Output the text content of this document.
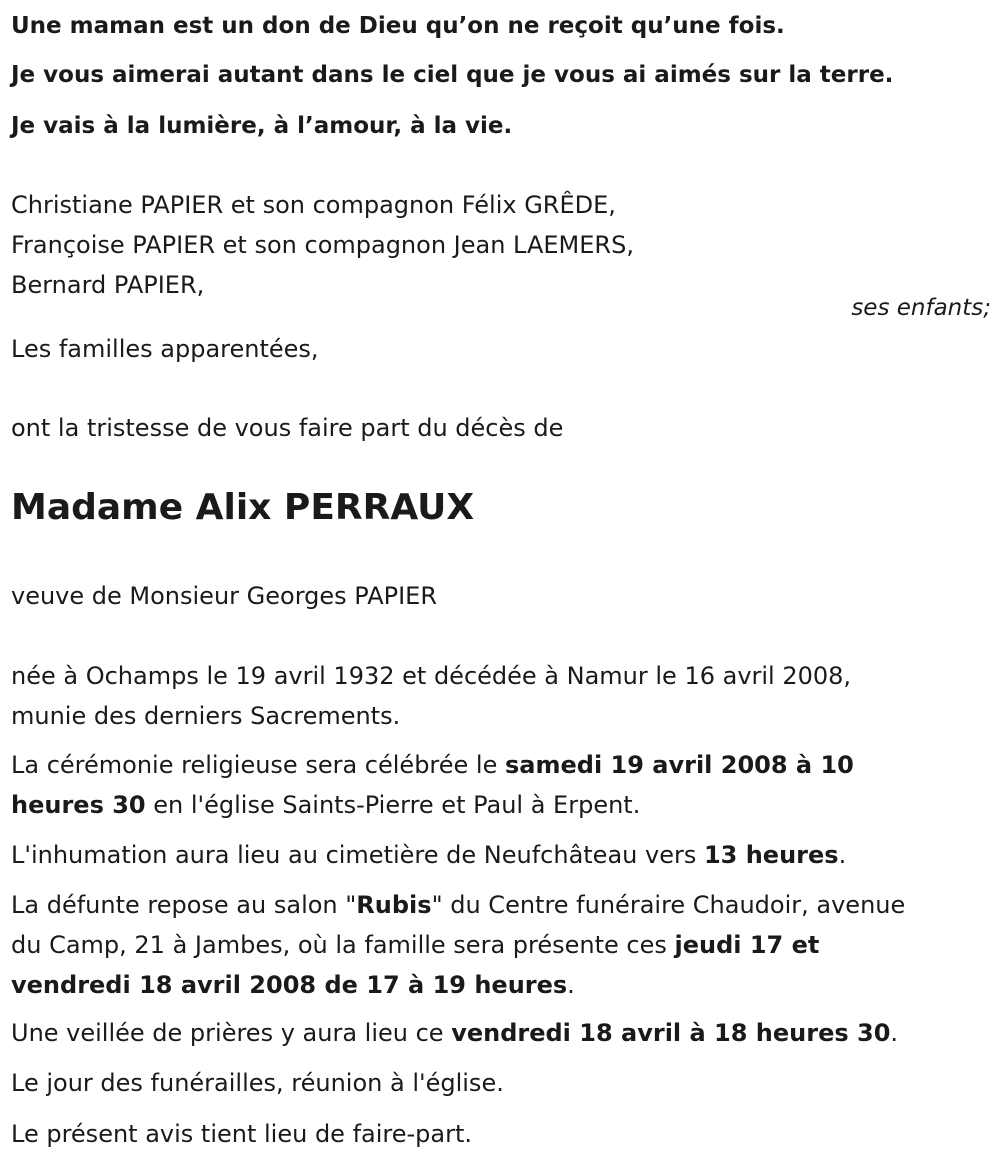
Une maman est un don de Dieu qu’on ne reçoit qu’une fois.

Je vous aimerai autant dans le ciel que je vous ai aimés sur la terre.

Je vais à la lumière, à l’amour, à la vie.

Christiane PAPIER et son compagnon Félix GRÊDE,

Françoise PAPIER et son compagnon Jean LAEMERS,

Bernard PAPIER,

ses enfants;

Les familles apparentées,

ont la tristesse de vous faire part du décès de

Madame Alix PERRAUX

veuve de Monsieur Georges PAPIER

née à Ochamps le 19 avril 1932 et décédée à Namur le 16 avril 2008,

munie des derniers Sacrements.

La cérémonie religieuse sera célébrée le samedi 19 avril 2008 à 10

heures 30 en l'église Saints-Pierre et Paul à Erpent.

L'inhumation aura lieu au cimetière de Neufchâteau vers 13 heures.

La défunte repose au salon "Rubis" du Centre funéraire Chaudoir, avenue

du Camp, 21 à Jambes, où la famille sera présente ces jeudi 17 et

vendredi 18 avril 2008 de 17 à 19 heures.

Une veillée de prières y aura lieu ce vendredi 18 avril à 18 heures 30.

Le jour des funérailles, réunion à l'église.

Le présent avis tient lieu de faire-part.
